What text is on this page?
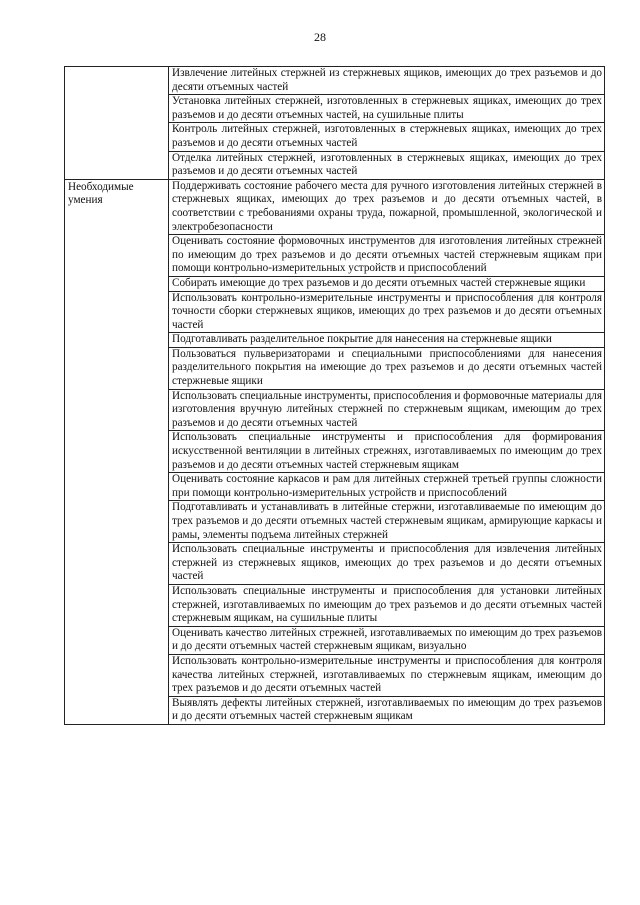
28
	Извлечение литейных стержней из стержневых ящиков, имеющих до трех разъемов и до десяти отъемных частей
	Установка литейных стержней, изготовленных в стержневых ящиках, имеющих до трех разъемов и до десяти отъемных частей, на сушильные плиты
	Контроль литейных стержней, изготовленных в стержневых ящиках, имеющих до трех разъемов и до десяти отъемных частей
	Отделка литейных стержней, изготовленных в стержневых ящиках, имеющих до трех разъемов и до десяти отъемных частей
Необходимые умения	Поддерживать состояние рабочего места для ручного изготовления литейных стержней в стержневых ящиках, имеющих до трех разъемов и до десяти отъемных частей, в соответствии с требованиями охраны труда, пожарной, промышленной, экологической и электробезопасности
	Оценивать состояние формовочных инструментов для изготовления литейных стрежней по имеющим до трех разъемов и до десяти отъемных частей стержневым ящикам при помощи контрольно-измерительных устройств и приспособлений
	Собирать имеющие до трех разъемов и до десяти отъемных частей стержневые ящики
	Использовать контрольно-измерительные инструменты и приспособления для контроля точности сборки стержневых ящиков, имеющих до трех разъемов и до десяти отъемных частей
	Подготавливать разделительное покрытие для нанесения на стержневые ящики
	Пользоваться пульверизаторами и специальными приспособлениями для нанесения разделительного покрытия на имеющие до трех разъемов и до десяти отъемных частей стержневые ящики
	Использовать специальные инструменты, приспособления и формовочные материалы для изготовления вручную литейных стержней по стержневым ящикам, имеющим до трех разъемов и до десяти отъемных частей
	Использовать специальные инструменты и приспособления для формирования искусственной вентиляции в литейных стрежнях, изготавливаемых по имеющим до трех разъемов и до десяти отъемных частей стержневым ящикам
	Оценивать состояние каркасов и рам для литейных стержней третьей группы сложности при помощи контрольно-измерительных устройств и приспособлений
	Подготавливать и устанавливать в литейные стержни, изготавливаемые по имеющим до трех разъемов и до десяти отъемных частей стержневым ящикам, армирующие каркасы и рамы, элементы подъема литейных стержней
	Использовать специальные инструменты и приспособления для извлечения литейных стержней из стержневых ящиков, имеющих до трех разъемов и до десяти отъемных частей
	Использовать специальные инструменты и приспособления для установки литейных стержней, изготавливаемых по имеющим до трех разъемов и до десяти отъемных частей стержневым ящикам, на сушильные плиты
	Оценивать качество литейных стрежней, изготавливаемых по имеющим до трех разъемов и до десяти отъемных частей стержневым ящикам, визуально
	Использовать контрольно-измерительные инструменты и приспособления для контроля качества литейных стержней, изготавливаемых по стержневым ящикам, имеющим до трех разъемов и до десяти отъемных частей
	Выявлять дефекты литейных стержней, изготавливаемых по имеющим до трех разъемов и до десяти отъемных частей стержневым ящикам
